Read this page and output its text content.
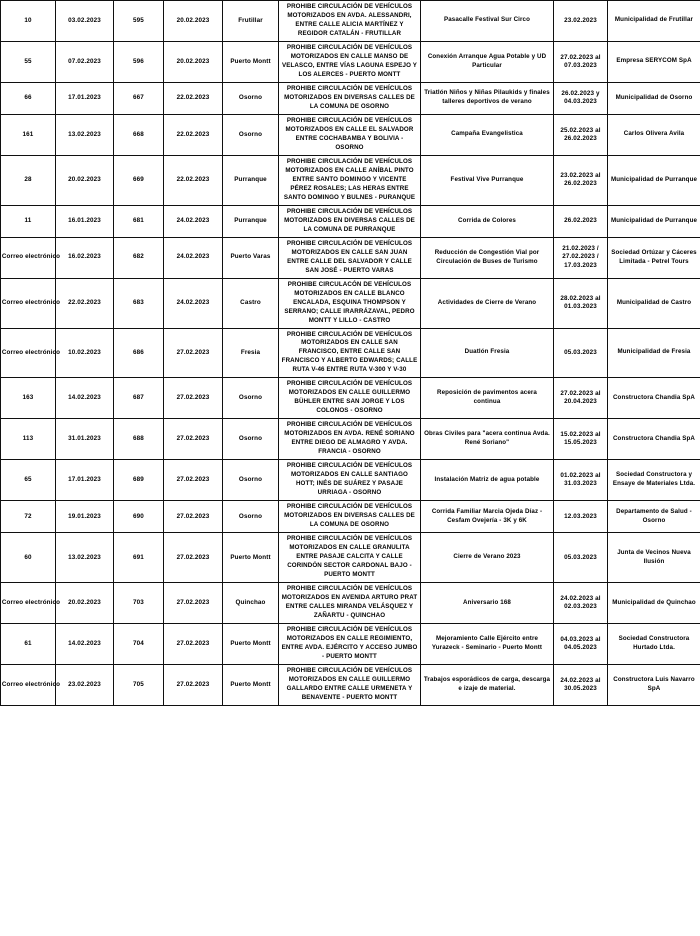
10	03.02.2023	595	20.02.2023	Frutillar	PROHIBE CIRCULACIÓN DE VEHÍCULOS MOTORIZADOS EN AVDA. ALESSANDRI, ENTRE CALLE ALICIA MARTÍNEZ Y REGIDOR CATALÁN - FRUTILLAR	Pasacalle Festival Sur Circo	23.02.2023	Municipalidad de Frutillar
55	07.02.2023	596	20.02.2023	Puerto Montt	PROHIBE CIRCULACIÓN DE VEHÍCULOS MOTORIZADOS EN CALLE MANSO DE VELASCO, ENTRE VÍAS LAGUNA ESPEJO Y LOS ALERCES - PUERTO MONTT	Conexión Arranque Agua Potable y UD Particular	27.02.2023 al 07.03.2023	Empresa SERYCOM SpA
66	17.01.2023	667	22.02.2023	Osorno	PROHIBE CIRCULACIÓN DE VEHÍCULOS MOTORIZADOS EN DIVERSAS CALLES DE LA COMUNA DE OSORNO	Triatlón Niños y Niñas Pilaukids y finales talleres deportivos de verano	26.02.2023 y 04.03.2023	Municipalidad de Osorno
161	13.02.2023	668	22.02.2023	Osorno	PROHIBE CIRCULACIÓN DE VEHÍCULOS MOTORIZADOS EN CALLE EL SALVADOR ENTRE COCHABAMBA Y BOLIVIA - OSORNO	Campaña Evangelistica	25.02.2023 al 26.02.2023	Carlos Olivera Avila
28	20.02.2023	669	22.02.2023	Purranque	PROHIBE CIRCULACIÓN DE VEHÍCULOS MOTORIZADOS EN CALLE ANÍBAL PINTO ENTRE SANTO DOMINGO Y VICENTE PÉREZ ROSALES; LAS HERAS ENTRE SANTO DOMINGO Y BULNES - PURANQUE	Festival Vive Purranque	23.02.2023 al 26.02.2023	Municipalidad de Purranque
11	16.01.2023	681	24.02.2023	Purranque	PROHIBE CIRCULACIÓN DE VEHÍCULOS MOTORIZADOS EN DIVERSAS CALLES DE LA COMUNA DE PURRANQUE	Corrida de Colores	26.02.2023	Municipalidad de Purranque
Correo electrónico	16.02.2023	682	24.02.2023	Puerto Varas	PROHIBE CIRCULACIÓN DE VEHÍCULOS MOTORIZADOS EN CALLE SAN JUAN ENTRE CALLE DEL SALVADOR Y CALLE SAN JOSÉ - PUERTO VARAS	Reducción de Congestión Vial por Circulación de Buses de Turismo	21.02.2023 / 27.02.2023 / 17.03.2023	Sociedad Ortúzar y Cáceres Limitada - Petrel Tours
Correo electrónico	22.02.2023	683	24.02.2023	Castro	PROHIBE CIRCULACÓN DE VEHÍCULOS MOTORIZADOS EN CALLE BLANCO ENCALADA, ESQUINA THOMPSON Y SERRANO; CALLE IRARRÁZAVAL, PEDRO MONTT Y LILLO - CASTRO	Actividades de Cierre de Verano	28.02.2023 al 01.03.2023	Municipalidad de Castro
Correo electrónico	10.02.2023	686	27.02.2023	Fresia	PROHIBE CIRCULACIÓN DE VEHÍCULOS MOTORIZADOS EN CALLE SAN FRANCISCO, ENTRE CALLE SAN FRANCISCO Y ALBERTO EDWARDS; CALLE RUTA V-46 ENTRE RUTA V-300 Y V-30	Duatlón Fresia	05.03.2023	Municipalidad de Fresia
163	14.02.2023	687	27.02.2023	Osorno	PROHIBE CIRCULACIÓN DE VEHÍCULOS MOTORIZADOS EN CALLE GUILLERMO BÜHLER ENTRE SAN JORGE Y LOS COLONOS - OSORNO	Reposición de pavimentos acera continua	27.02.2023 al 20.04.2023	Constructora Chandia SpA
113	31.01.2023	688	27.02.2023	Osorno	PROHIBE CIRCULACIÓN DE VEHÍCULOS MOTORIZADOS EN AVDA. RENÉ SORIANO ENTRE DIEGO DE ALMAGRO Y AVDA. FRANCIA - OSORNO	Obras Civiles para "acera continua Avda. René Soriano"	15.02.2023 al 15.05.2023	Constructora Chandia SpA
65	17.01.2023	689	27.02.2023	Osorno	PROHIBE CIRCULACIÓN DE VEHÍCULOS MOTORIZADOS EN CALLE SANTIAGO HOTT; INÉS DE SUÁREZ Y PASAJE URRIAGA - OSORNO	Instalación Matriz de agua potable	01.02.2023 al 31.03.2023	Sociedad Constructora y Ensaye de Materiales Ltda.
72	19.01.2023	690	27.02.2023	Osorno	PROHIBE CIRCULACIÓN DE VEHÍCULOS MOTORIZADOS EN DIVERSAS CALLES DE LA COMUNA DE OSORNO	Corrida Familiar Marcia Ojeda Díaz - Cesfam Ovejería - 3K y 6K	12.03.2023	Departamento de Salud - Osorno
60	13.02.2023	691	27.02.2023	Puerto Montt	PROHIBE CIRCULACIÓN DE VEHÍCULOS MOTORIZADOS EN CALLE GRANULITA ENTRE PASAJE CALCITA Y CALLE CORINDÓN SECTOR CARDONAL BAJO - PUERTO MONTT	Cierre de Verano 2023	05.03.2023	Junta de Vecinos Nueva Ilusión
Correo electrónico	20.02.2023	703	27.02.2023	Quinchao	PROHIBE CIRCULACIÓN DE VEHÍCULOS MOTORIZADOS EN AVENIDA ARTURO PRAT ENTRE CALLES MIRANDA VELÁSQUEZ Y ZAÑARTU - QUINCHAO	Aniversario 168	24.02.2023 al 02.03.2023	Municipalidad de Quinchao
61	14.02.2023	704	27.02.2023	Puerto Montt	PROHIBE CIRCULACIÓN DE VEHÍCULOS MOTORIZADOS EN CALLE REGIMIENTO, ENTRE AVDA. EJÉRCITO Y ACCESO JUMBO - PUERTO MONTT	Mejoramiento Calle Ejército entre Yurazeck - Seminario - Puerto Montt	04.03.2023 al 04.05.2023	Sociedad Constructora Hurtado Ltda.
Correo electrónico	23.02.2023	705	27.02.2023	Puerto Montt	PROHIBE CIRCULACIÓN DE VEHÍCULOS MOTORIZADOS EN CALLE GUILLERMO GALLARDO ENTRE CALLE URMENETA Y BENAVENTE - PUERTO MONTT	Trabajos esporádicos de carga, descarga e izaje de material.	24.02.2023 al 30.05.2023	Constructora Luis Navarro SpA
